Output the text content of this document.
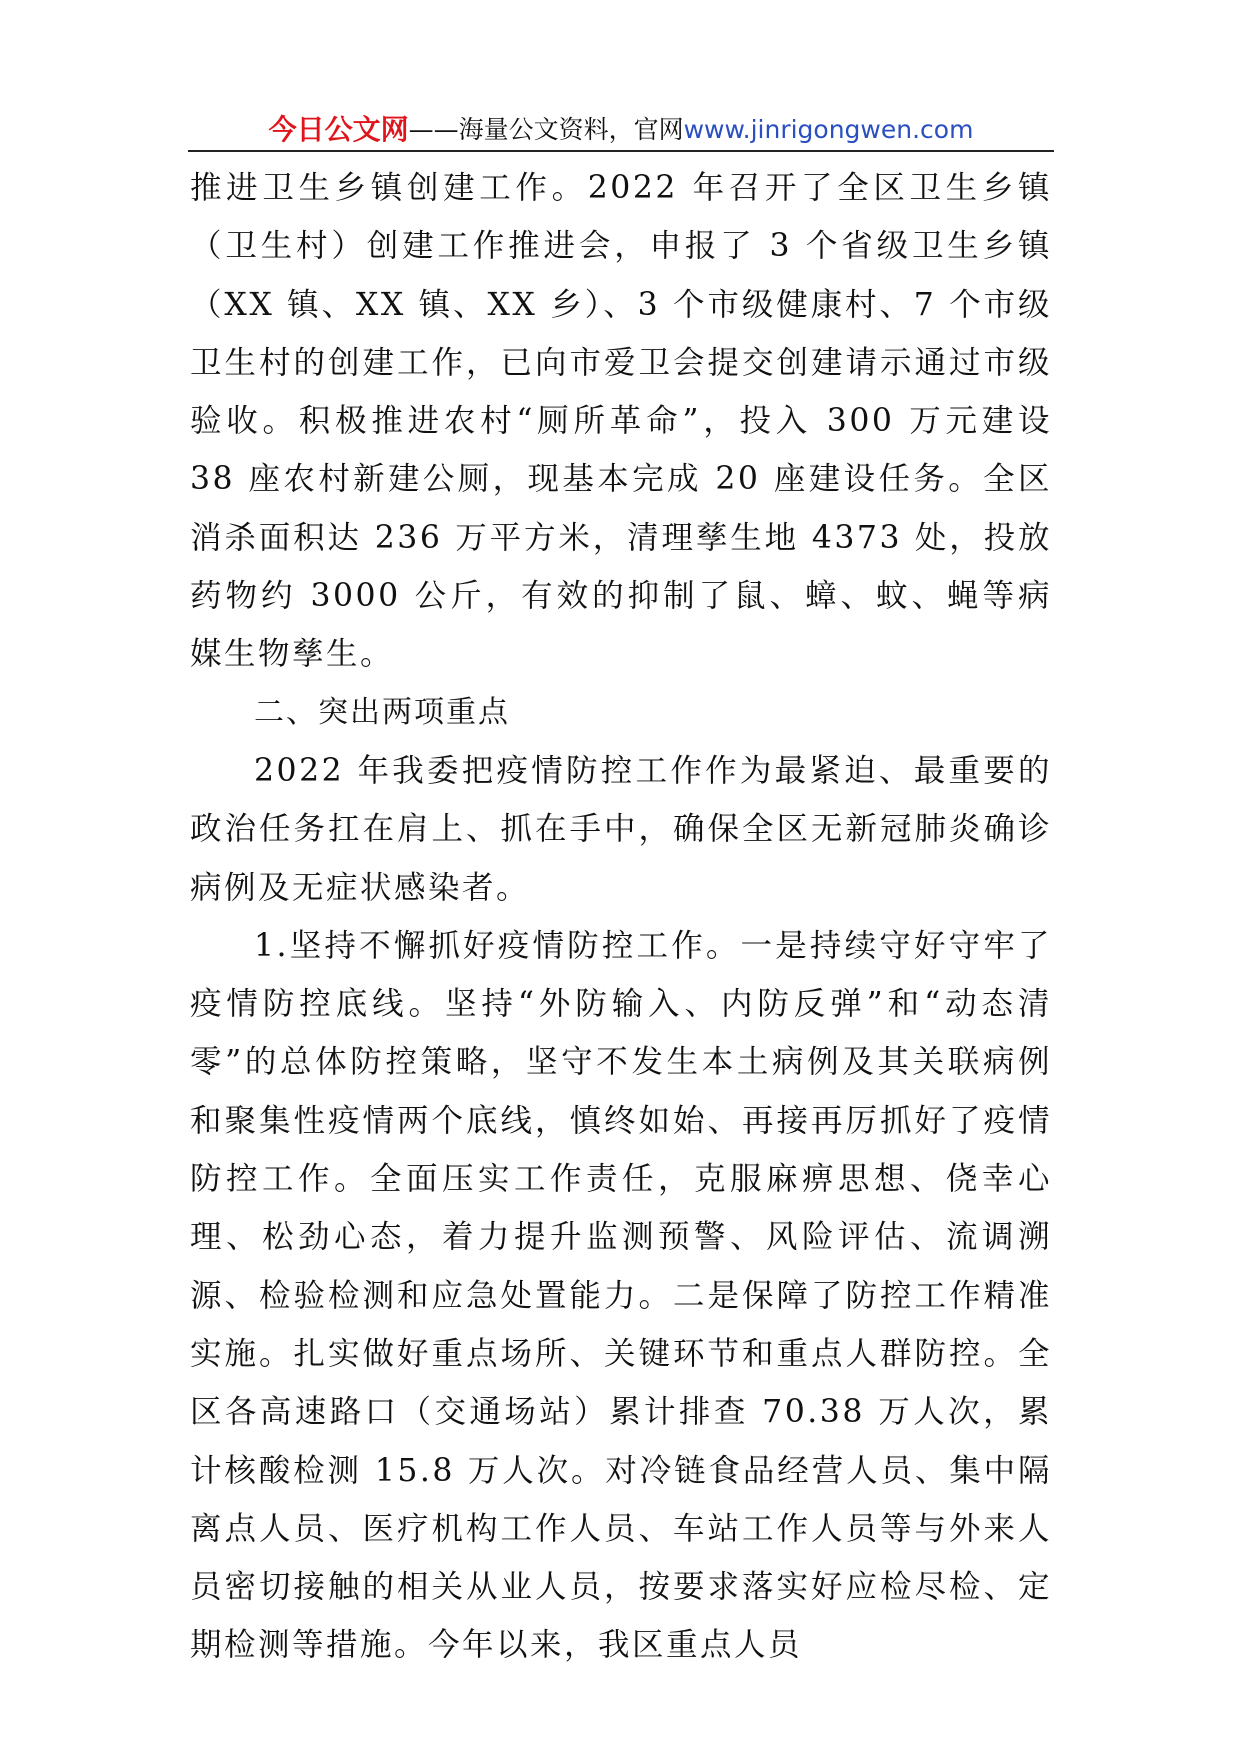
今日公文网 ——海量公文资料，官网 www.jinrigongwen.com

推进卫生乡镇创建工作。2022 年召开了全区卫生乡镇（卫生村）创建工作推进会，申报了 3 个省级卫生乡镇（XX 镇、XX 镇、XX 乡）、3 个市级健康村、7 个市级卫生村的创建工作，已向市爱卫会提交创建请示通过市级验收。积极推进农村“厕所革命”，投入 300 万元建设 38 座农村新建公厕，现基本完成 20 座建设任务。全区消杀面积达 236 万平方米，清理孳生地 4373 处，投放药物约 3000 公斤，有效的抑制了鼠、蟑、蚊、蝇等病媒生物孳生。

二、突出两项重点

2022 年我委把疫情防控工作作为最紧迫、最重要的政治任务扛在肩上、抓在手中，确保全区无新冠肺炎确诊病例及无症状感染者。

1.坚持不懈抓好疫情防控工作。一是持续守好守牢了疫情防控底线。坚持“外防输入、内防反弹”和“动态清零”的总体防控策略，坚守不发生本土病例及其关联病例和聚集性疫情两个底线，慎终如始、再接再厉抓好了疫情防控工作。全面压实工作责任，克服麻痹思想、侥幸心理、松劲心态，着力提升监测预警、风险评估、流调溯源、检验检测和应急处置能力。二是保障了防控工作精准实施。扎实做好重点场所、关键环节和重点人群防控。全区各高速路口（交通场站）累计排查 70.38 万人次，累计核酸检测 15.8 万人次。对冷链食品经营人员、集中隔离点人员、医疗机构工作人员、车站工作人员等与外来人员密切接触的相关从业人员，按要求落实好应检尽检、定期检测等措施。今年以来，我区重点人员
